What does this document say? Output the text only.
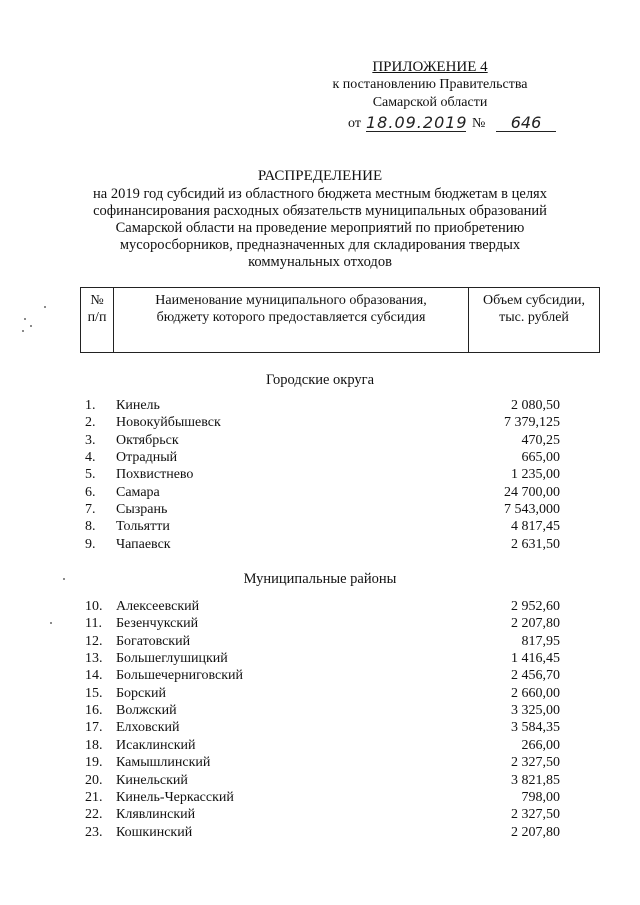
ПРИЛОЖЕНИЕ 4
к постановлению Правительства
Самарской области
от 18.09.2019 №	646
РАСПРЕДЕЛЕНИЕ
на 2019 год субсидий из областного бюджета местным бюджетам в целях
софинансирования расходных обязательств муниципальных образований
Самарской области на проведение мероприятий по приобретению
мусоросборников, предназначенных для складирования твердых
коммунальных отходов
№
п/п

Наименование муниципального образования,
бюджету которого предоставляется субсидия

Объем субсидии,
тыс. рублей
Городские округа
1.	Кинель	2 080,50
2.	Новокуйбышевск	7 379,125
3.	Октябрьск	470,25
4.	Отрадный	665,00
5.	Похвистнево	1 235,00
6.	Самара	24 700,00
7.	Сызрань	7 543,000
8.	Тольятти	4 817,45
9.	Чапаевск	2 631,50
Муниципальные районы
10. Алексеевский	2 952,60
11.	Безенчукский	2 207,80
12. Богатовский	817,95
13. Большеглушицкий	1 416,45
14. Большечерниговский	2 456,70
15. Борский	2 660,00
16. Волжский	3 325,00
17. Елховский	3 584,35
18. Исаклинский	266,00
19. Камышлинский	2 327,50
20. Кинельский	3 821,85
21. Кинель-Черкасский	798,00
22. Клявлинский	2 327,50
23. Кошкинский	2 207,80
